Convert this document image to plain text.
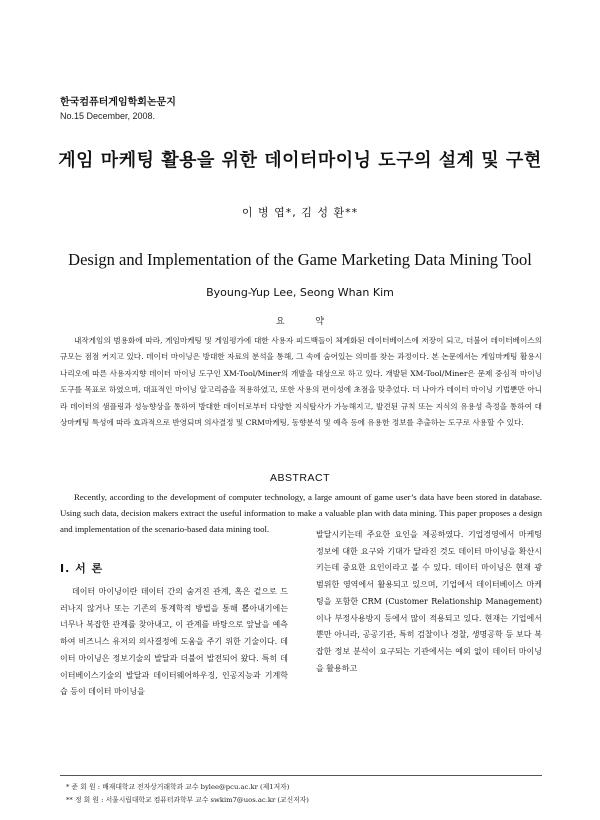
한국컴퓨터게임학회논문지
No.15 December, 2008.
게임 마케팅 활용을 위한 데이터마이닝 도구의 설계 및 구현
이 병 엽*, 김 성 환**
Design and Implementation of the Game Marketing Data Mining Tool
Byoung-Yup Lee, Seong Whan Kim
요 약

내작게임의 범용화에 따라, 게임마케팅 및 게임평가에 대한 사용자 피드백들이 체계화된 데이터베이스에 저장이 되고, 더불어 데이터베이스의 규모는 점점 커지고 있다. 데이터 마이닝은 방대한 자료의 분석을 통해, 그 속에 숨어있는 의미를 찾는 과정이다. 본 논문에서는 게임마케팅 활용시나리오에 따른 사용자지향 데이터 마이닝 도구인 XM-Tool/Miner의 개발을 대상으로 하고 있다. 개발된 XM-Tool/Miner은 문제 중심적 마이닝 도구를 목표로 하였으며, 대표적인 마이닝 알고리즘을 적용하였고, 또한 사용의 편이성에 초점을 맞추었다. 더 나아가 데이터 마이닝 기법뿐만 아니라 데이터의 샘플링과 성능향상을 통하여 방대한 데이터로부터 다양한 지식탐사가 가능해지고, 발견된 규칙 또는 지식의 유용성 측정을 통하여 대상마케팅 특성에 따라 효과적으로 반영되며 의사결정 및 CRM마케팅, 동향분석 및 예측 등에 유용한 정보를 추출하는 도구로 사용할 수 있다.

ABSTRACT

Recently, according to the development of computer technology, a large amount of game user’s data have been stored in database. Using such data, decision makers extract the useful information to make a valuable plan with data mining. This paper proposes a design and implementation of the scenario-based data mining tool.

Ⅰ. 서 론

데이터 마이닝이란 데이터 간의 숨겨진 관계, 혹은 겉으로 드러나지 않거나 또는 기존의 통계학적 방법을 통해 뽑아내기에는 너무나 복잡한 관계를 찾아내고, 이 관계를 바탕으로 앞날을 예측하여 비즈니스 유저의 의사결정에 도움을 주기 위한 기술이다. 데이터 마이닝은 정보기술의 발달과 더불어 발전되어 왔다. 특히 데이터베이스기술의 발달과 데이터웨어하우징, 인공지능과 기계학습 등이 데이터 마이닝을

발달시키는데 주요한 요인을 제공하였다. 기업경영에서 마케팅 정보에 대한 요구와 기대가 달라진 것도 데이터 마이닝을 확산시키는데 중요한 요인이라고 볼 수 있다. 데이터 마이닝은 현재 광범위한 영역에서 활용되고 있으며, 기업에서 데이터베이스 마케팅을 포함한 CRM (Customer Relationship Management) 이나 부정사용방지 등에서 많이 적용되고 있다. 현재는 기업에서 뿐만 아니라, 공공기관, 특히 검찰이나 경찰, 생명공학 등 보다 복잡한 정보 분석이 요구되는 기관에서는 예외 없이 데이터 마이닝을 활용하고

* 준 회 원 : 배재대학교 전자상거래학과 교수 bylee@pcu.ac.kr (제1저자)
** 정 회 원 : 서울시립대학교 컴퓨터과학부 교수 swkim7@uos.ac.kr (교신저자)
